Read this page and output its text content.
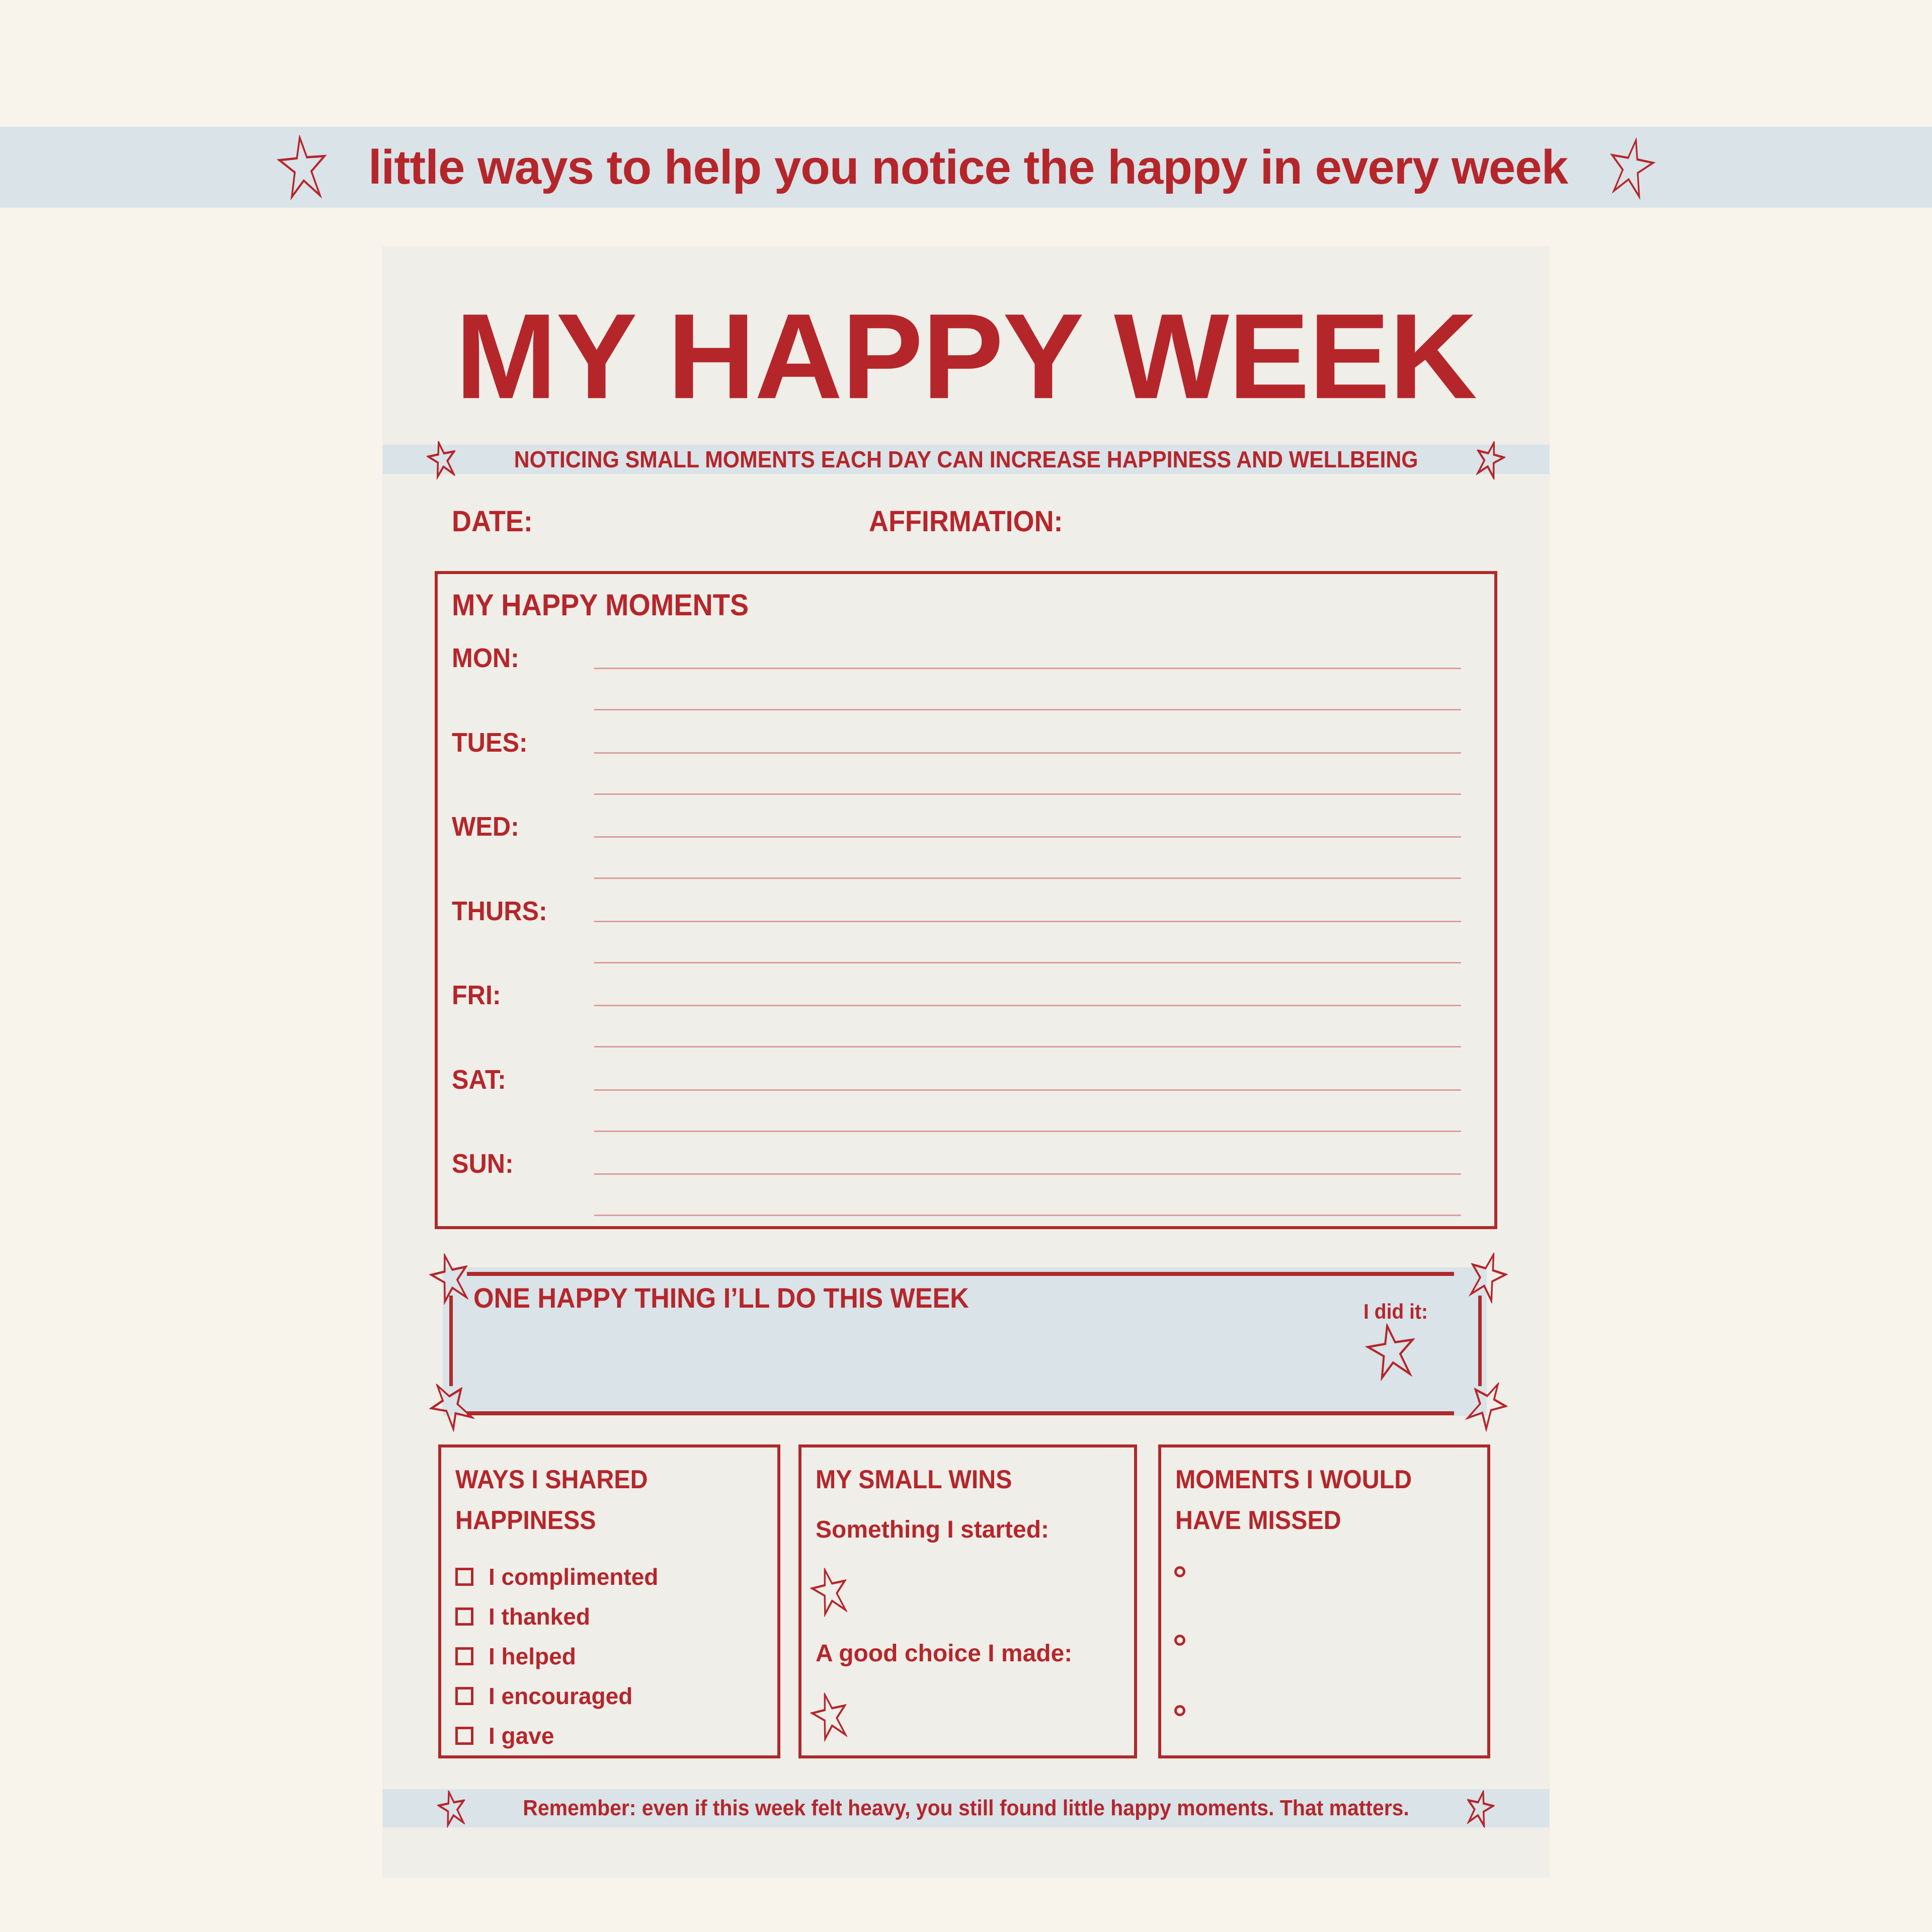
little ways to help you notice the happy in every week
MY HAPPY WEEK
NOTICING SMALL MOMENTS EACH DAY CAN INCREASE HAPPINESS AND WELLBEING
DATE:	AFFIRMATION:
MY HAPPY MOMENTS
MON:
TUES:
WED:
THURS:
FRI:
SAT:
SUN:
ONE HAPPY THING I’LL DO THIS WEEK	I did it:
WAYS I SHARED HAPPINESS
I complimented
I thanked
I helped
I encouraged
I gave
MY SMALL WINS
Something I started:
A good choice I made:
MOMENTS I WOULD HAVE MISSED
Remember: even if this week felt heavy, you still found little happy moments. That matters.
